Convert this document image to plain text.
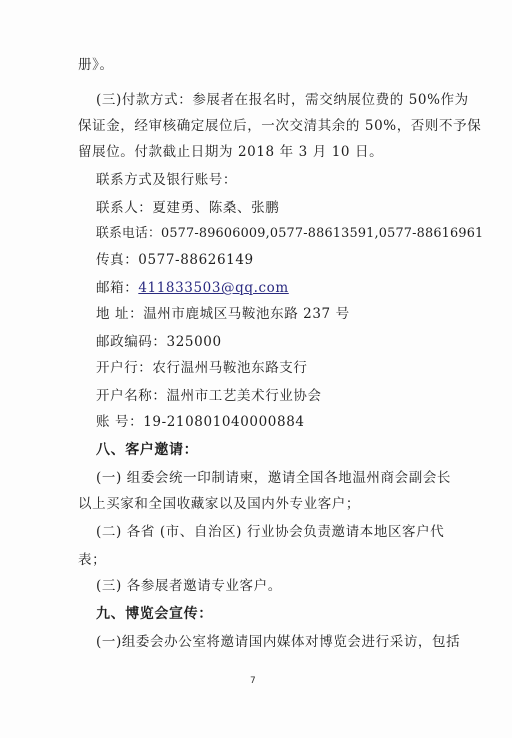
册》。
(三)付款方式：参展者在报名时，需交纳展位费的 50%作为
保证金，经审核确定展位后，一次交清其余的 50%，否则不予保
留展位。付款截止日期为 2018 年 3 月 10 日。
联系方式及银行账号：
联系人：夏建勇、陈桑、张鹏
联系电话：0577-89606009,0577-88613591,0577-88616961
传真：0577-88626149
邮箱：411833503@qq.com
地 址：温州市鹿城区马鞍池东路 237 号
邮政编码：325000
开户行：农行温州马鞍池东路支行
开户名称：温州市工艺美术行业协会
账 号：19-210801040000884
八、客户邀请：
(一) 组委会统一印制请柬，邀请全国各地温州商会副会长
以上买家和全国收藏家以及国内外专业客户；
(二) 各省 (市、自治区) 行业协会负责邀请本地区客户代
表；
(三) 各参展者邀请专业客户。
九、博览会宣传：
(一)组委会办公室将邀请国内媒体对博览会进行采访，包括
7
